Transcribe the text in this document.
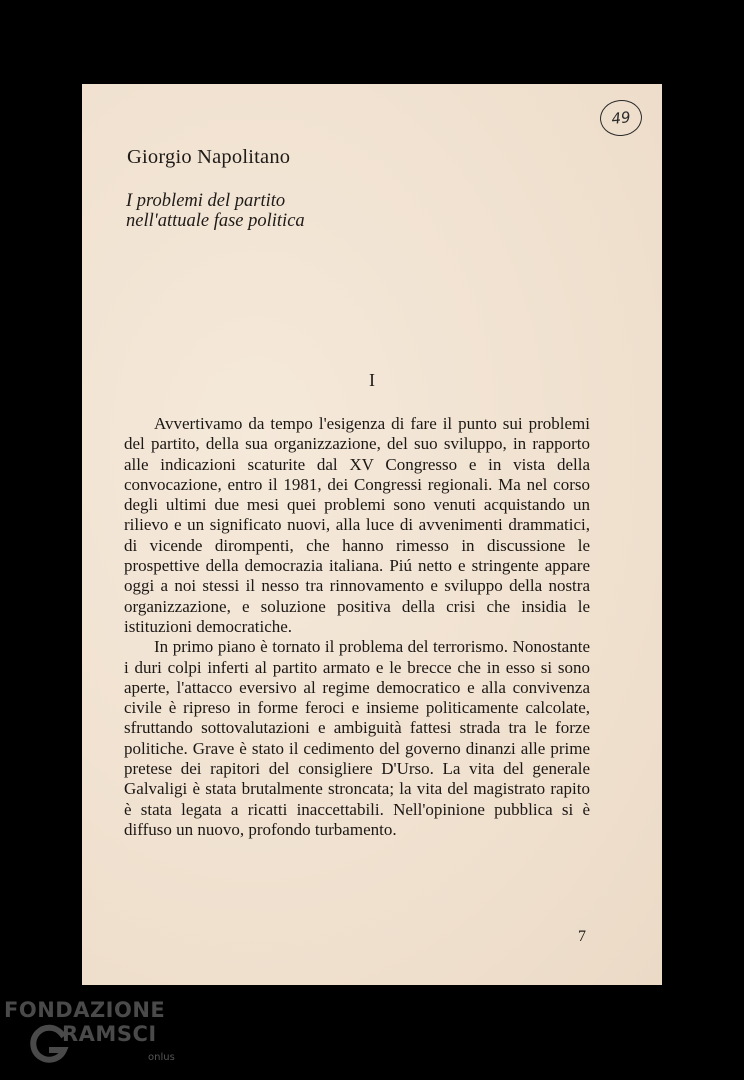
49
Giorgio Napolitano
I problemi del partito
nell'attuale fase politica
I

Avvertivamo da tempo l'esigenza di fare il punto sui problemi del partito, della sua organizzazione, del suo sviluppo, in rapporto alle indicazioni scaturite dal XV Congresso e in vista della convocazione, entro il 1981, dei Congressi regionali. Ma nel corso degli ultimi due mesi quei problemi sono venuti acquistando un rilievo e un significato nuovi, alla luce di avvenimenti drammatici, di vicende dirompenti, che hanno rimesso in discussione le prospettive della democrazia italiana. Piú netto e stringente appare oggi a noi stessi il nesso tra rinnovamento e sviluppo della nostra organizzazione, e soluzione positiva della crisi che insidia le istituzioni democratiche.

In primo piano è tornato il problema del terrorismo. Nonostante i duri colpi inferti al partito armato e le brecce che in esso si sono aperte, l'attacco eversivo al regime democratico e alla convivenza civile è ripreso in forme feroci e insieme politicamente calcolate, sfruttando sottovalutazioni e ambiguità fattesi strada tra le forze politiche. Grave è stato il cedimento del governo dinanzi alle prime pretese dei rapitori del consigliere D'Urso. La vita del generale Galvaligi è stata brutalmente stroncata; la vita del magistrato rapito è stata legata a ricatti inaccettabili. Nell'opinione pubblica si è diffuso un nuovo, profondo turbamento.

7
FONDAZIONE
RAMSCI
onlus
